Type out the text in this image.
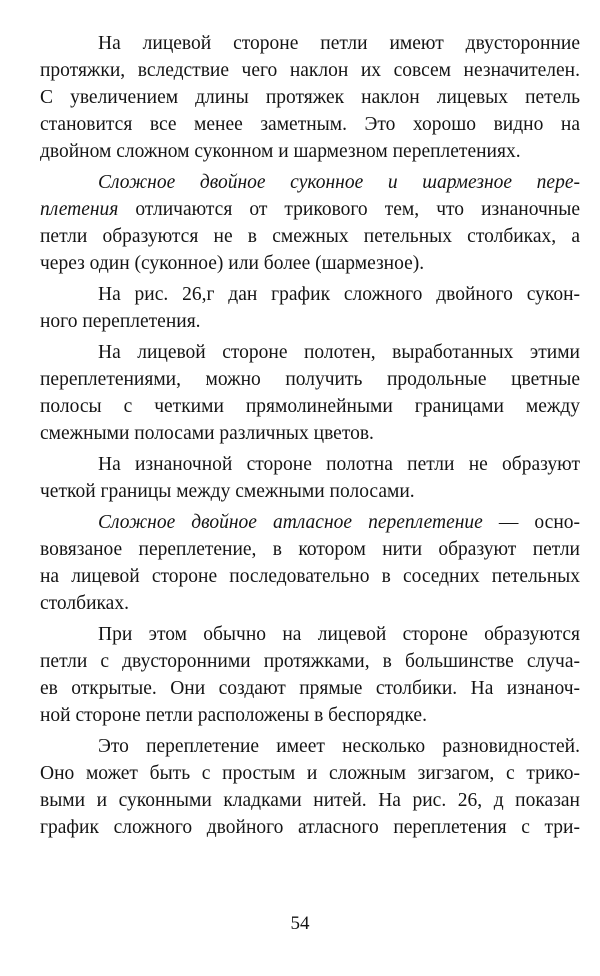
На лицевой стороне петли имеют двусторонние
протяжки, вследствие чего наклон их совсем незначителен.
С увеличением длины протяжек наклон лицевых петель
становится все менее заметным. Это хорошо видно на
двойном сложном суконном и шармезном переплетениях.
Сложное двойное суконное и шармезное пере-
плетения отличаются от трикового тем, что изнаночные
петли образуются не в смежных петельных столбиках, а
через один (суконное) или более (шармезное).
На рис. 26,г дан график сложного двойного сукон-
ного переплетения.
На лицевой стороне полотен, выработанных этими
переплетениями, можно получить продольные цветные
полосы с четкими прямолинейными границами между
смежными полосами различных цветов.
На изнаночной стороне полотна петли не образуют
четкой границы между смежными полосами.
Сложное двойное атласное переплетение — осно-
вовязаное переплетение, в котором нити образуют петли
на лицевой стороне последовательно в соседних петельных
столбиках.
При этом обычно на лицевой стороне образуются
петли с двусторонними протяжками, в большинстве случа-
ев открытые. Они создают прямые столбики. На изнаноч-
ной стороне петли расположены в беспорядке.
Это переплетение имеет несколько разновидностей.
Оно может быть с простым и сложным зигзагом, с трико-
выми и суконными кладками нитей. На рис. 26, д показан
график сложного двойного атласного переплетения с три-
54
